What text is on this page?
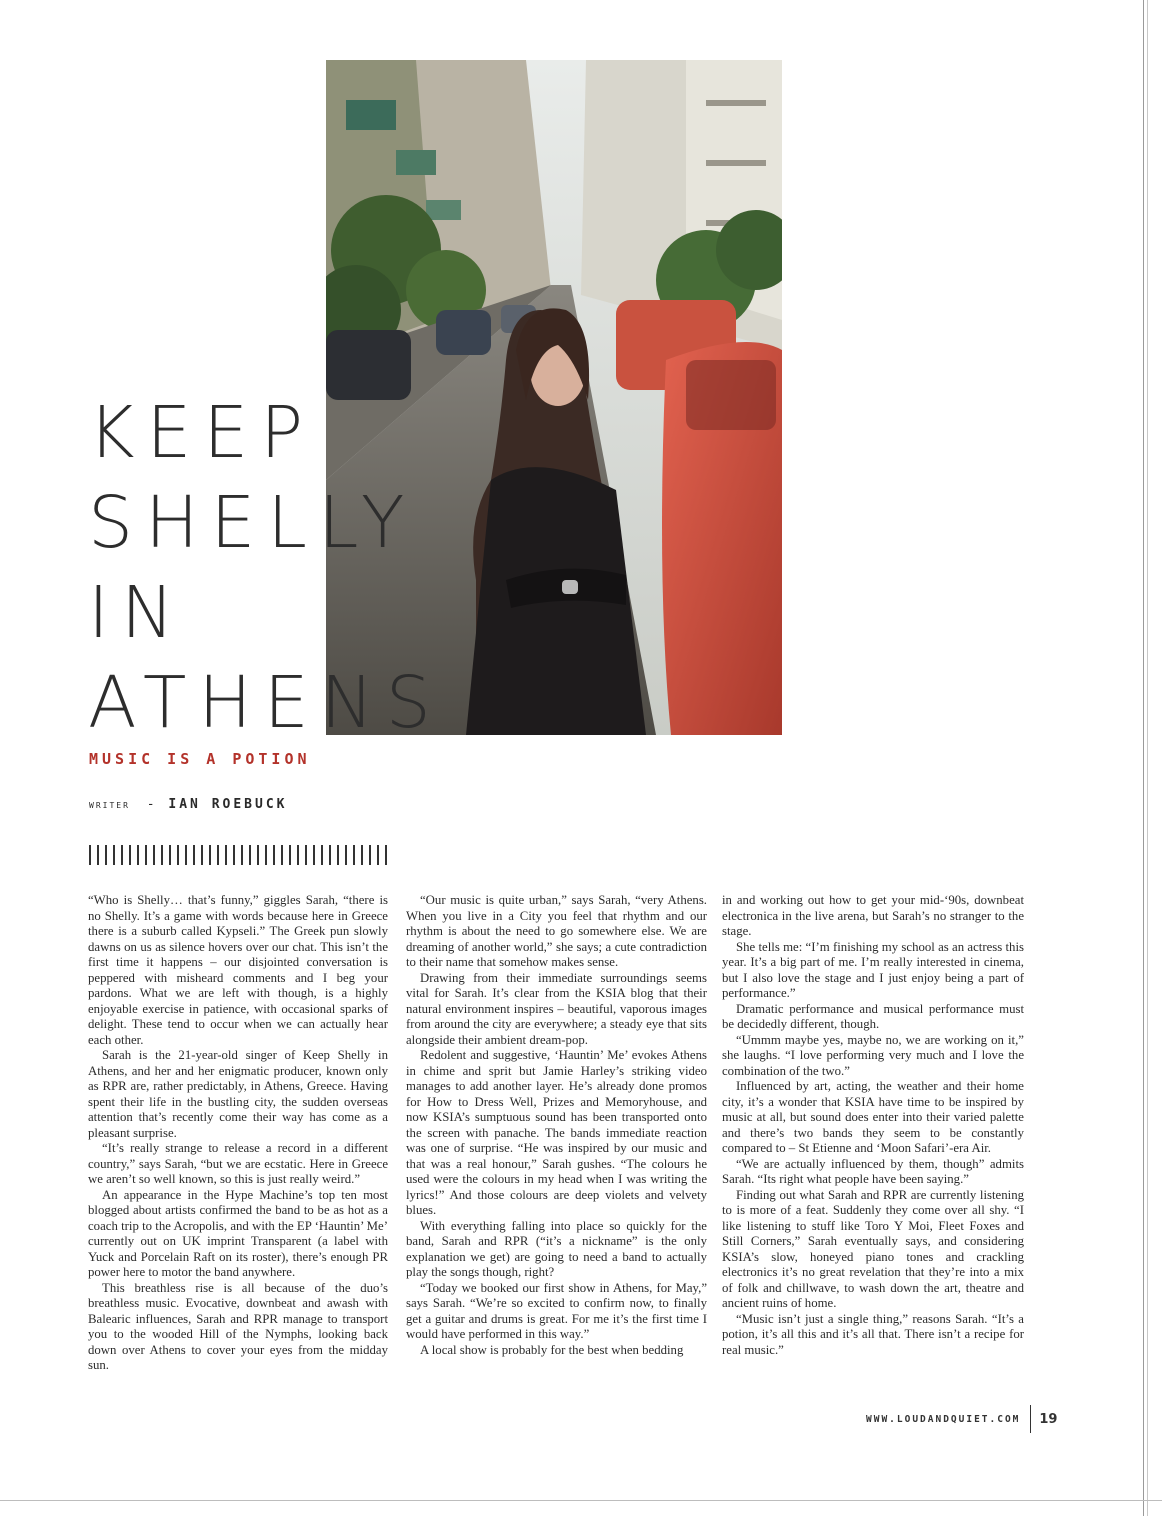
KEEP
SHELLY
IN
ATHENS
MUSIC IS A POTION
WRITER - IAN ROEBUCK

“Who is Shelly… that’s funny,” giggles Sarah, “there is no Shelly. It’s a game with words because here in Greece there is a suburb called Kypseli.” The Greek pun slowly dawns on us as silence hovers over our chat. This isn’t the first time it happens – our disjointed conversation is peppered with misheard comments and I beg your pardons. What we are left with though, is a highly enjoyable exercise in patience, with occasional sparks of delight. These tend to occur when we can actually hear each other.

Sarah is the 21-year-old singer of Keep Shelly in Athens, and her and her enigmatic producer, known only as RPR are, rather predictably, in Athens, Greece. Having spent their life in the bustling city, the sudden overseas attention that’s recently come their way has come as a pleasant surprise.

“It’s really strange to release a record in a different country,” says Sarah, “but we are ecstatic. Here in Greece we aren’t so well known, so this is just really weird.”

An appearance in the Hype Machine’s top ten most blogged about artists confirmed the band to be as hot as a coach trip to the Acropolis, and with the EP ‘Hauntin’ Me’ currently out on UK imprint Transparent (a label with Yuck and Porcelain Raft on its roster), there’s enough PR power here to motor the band anywhere.

This breathless rise is all because of the duo’s breathless music. Evocative, downbeat and awash with Balearic influences, Sarah and RPR manage to transport you to the wooded Hill of the Nymphs, looking back down over Athens to cover your eyes from the midday sun.

“Our music is quite urban,” says Sarah, “very Athens. When you live in a City you feel that rhythm and our rhythm is about the need to go somewhere else. We are dreaming of another world,” she says; a cute contradiction to their name that somehow makes sense.

Drawing from their immediate surroundings seems vital for Sarah. It’s clear from the KSIA blog that their natural environment inspires – beautiful, vaporous images from around the city are everywhere; a steady eye that sits alongside their ambient dream-pop.

Redolent and suggestive, ‘Hauntin’ Me’ evokes Athens in chime and sprit but Jamie Harley’s striking video manages to add another layer. He’s already done promos for How to Dress Well, Prizes and Memoryhouse, and now KSIA’s sumptuous sound has been transported onto the screen with panache. The bands immediate reaction was one of surprise. “He was inspired by our music and that was a real honour,” Sarah gushes. “The colours he used were the colours in my head when I was writing the lyrics!” And those colours are deep violets and velvety blues.

With everything falling into place so quickly for the band, Sarah and RPR (“it’s a nickname” is the only explanation we get) are going to need a band to actually play the songs though, right?

“Today we booked our first show in Athens, for May,” says Sarah. “We’re so excited to confirm now, to finally get a guitar and drums is great. For me it’s the first time I would have performed in this way.”

A local show is probably for the best when bedding

in and working out how to get your mid-‘90s, downbeat electronica in the live arena, but Sarah’s no stranger to the stage.

She tells me: “I’m finishing my school as an actress this year. It’s a big part of me. I’m really interested in cinema, but I also love the stage and I just enjoy being a part of performance.”

Dramatic performance and musical performance must be decidedly different, though.

“Ummm maybe yes, maybe no, we are working on it,” she laughs. “I love performing very much and I love the combination of the two.”

Influenced by art, acting, the weather and their home city, it’s a wonder that KSIA have time to be inspired by music at all, but sound does enter into their varied palette and there’s two bands they seem to be constantly compared to – St Etienne and ‘Moon Safari’-era Air.

“We are actually influenced by them, though” admits Sarah. “Its right what people have been saying.”

Finding out what Sarah and RPR are currently listening to is more of a feat. Suddenly they come over all shy. “I like listening to stuff like Toro Y Moi, Fleet Foxes and Still Corners,” Sarah eventually says, and considering KSIA’s slow, honeyed piano tones and crackling electronics it’s no great revelation that they’re into a mix of folk and chillwave, to wash down the art, theatre and ancient ruins of home.

“Music isn’t just a single thing,” reasons Sarah. “It’s a potion, it’s all this and it’s all that. There isn’t a recipe for real music.”

WWW.LOUDANDQUIET.COM 19
